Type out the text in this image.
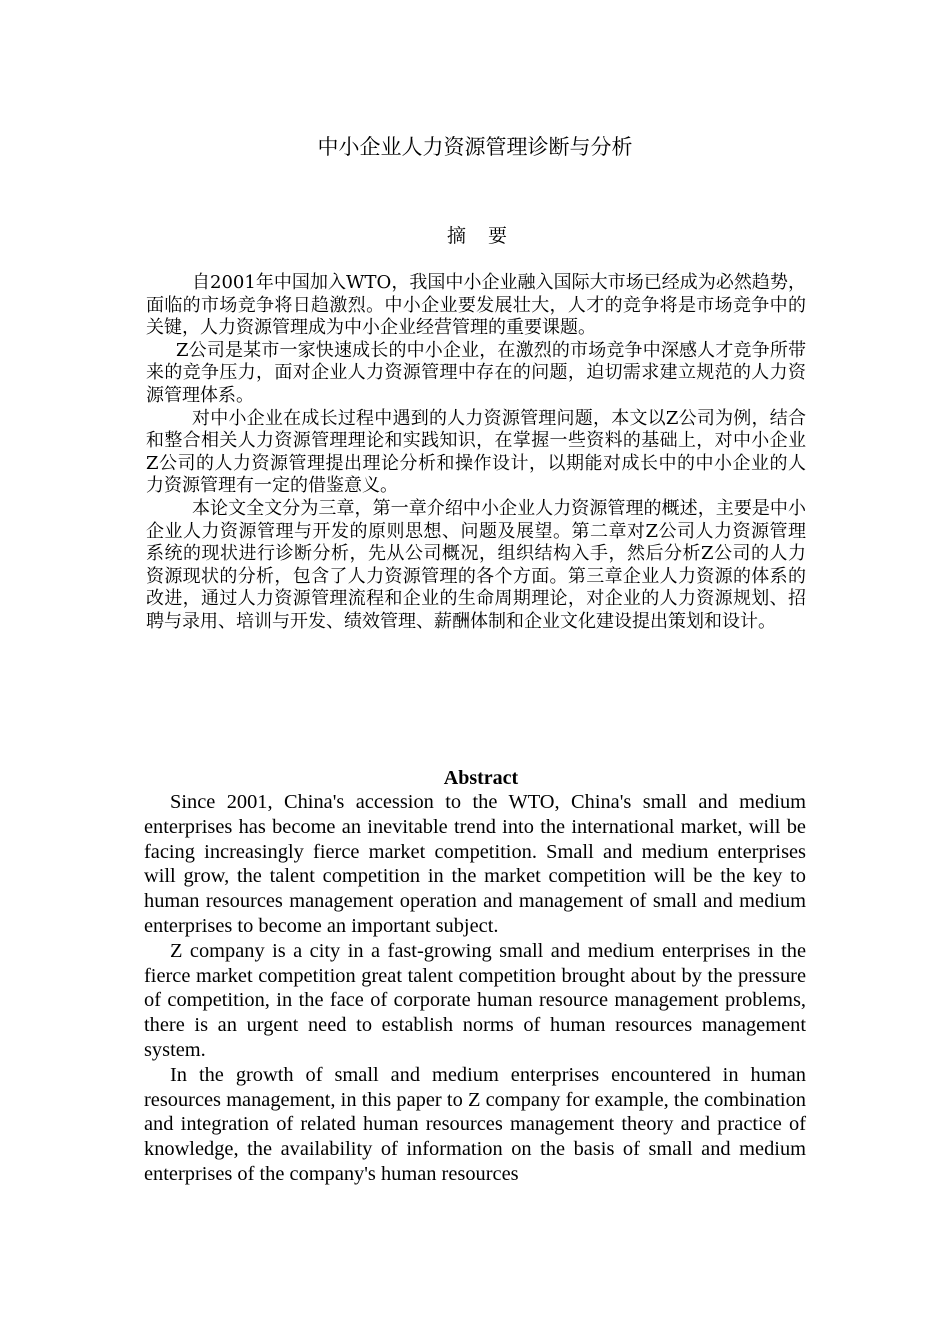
中小企业人力资源管理诊断与分析
摘 要

自2001年中国加入WTO，我国中小企业融入国际大市场已经成为必然趋势，面临的市场竞争将日趋激烈。中小企业要发展壮大，人才的竞争将是市场竞争中的关键，人力资源管理成为中小企业经营管理的重要课题。

Z公司是某市一家快速成长的中小企业，在激烈的市场竞争中深感人才竞争所带来的竞争压力，面对企业人力资源管理中存在的问题，迫切需求建立规范的人力资源管理体系。

对中小企业在成长过程中遇到的人力资源管理问题，本文以Z公司为例，结合和整合相关人力资源管理理论和实践知识，在掌握一些资料的基础上，对中小企业Z公司的人力资源管理提出理论分析和操作设计，以期能对成长中的中小企业的人力资源管理有一定的借鉴意义。

本论文全文分为三章，第一章介绍中小企业人力资源管理的概述，主要是中小企业人力资源管理与开发的原则思想、问题及展望。第二章对Z公司人力资源管理系统的现状进行诊断分析，先从公司概况，组织结构入手，然后分析Z公司的人力资源现状的分析，包含了人力资源管理的各个方面。第三章企业人力资源的体系的改进，通过人力资源管理流程和企业的生命周期理论，对企业的人力资源规划、招聘与录用、培训与开发、绩效管理、薪酬体制和企业文化建设提出策划和设计。

Abstract

Since 2001, China's accession to the WTO, China's small and medium enterprises has become an inevitable trend into the international market, will be facing increasingly fierce market competition. Small and medium enterprises will grow, the talent competition in the market competition will be the key to human resources management operation and management of small and medium enterprises to become an important subject.

Z company is a city in a fast-growing small and medium enterprises in the fierce market competition great talent competition brought about by the pressure of competition, in the face of corporate human resource management problems, there is an urgent need to establish norms of human resources management system.

In the growth of small and medium enterprises encountered in human resources management, in this paper to Z company for example, the combination and integration of related human resources management theory and practice of knowledge, the availability of information on the basis of small and medium enterprises of the company's human resources
